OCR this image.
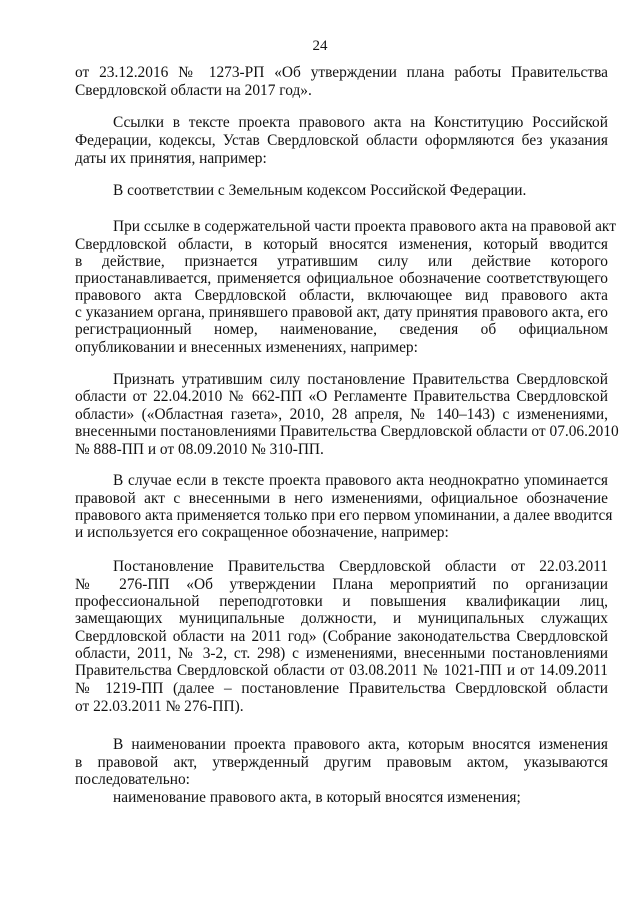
24
от 23.12.2016 № 1273-РП «Об утверждении плана работы Правительства
Свердловской области на 2017 год».
Ссылки в тексте проекта правового акта на Конституцию Российской
Федерации, кодексы, Устав Свердловской области оформляются без указания
даты их принятия, например:
В соответствии с Земельным кодексом Российской Федерации.
При ссылке в содержательной части проекта правового акта на правовой акт
Свердловской области, в который вносятся изменения, который вводится
в действие, признается утратившим силу или действие которого
приостанавливается, применяется официальное обозначение соответствующего
правового акта Свердловской области, включающее вид правового акта
с указанием органа, принявшего правовой акт, дату принятия правового акта, его
регистрационный номер, наименование, сведения об официальном
опубликовании и внесенных изменениях, например:
Признать утратившим силу постановление Правительства Свердловской
области от 22.04.2010 № 662-ПП «О Регламенте Правительства Свердловской
области» («Областная газета», 2010, 28 апреля, № 140–143) с изменениями,
внесенными постановлениями Правительства Свердловской области от 07.06.2010
№ 888-ПП и от 08.09.2010 № 310-ПП.
В случае если в тексте проекта правового акта неоднократно упоминается
правовой акт с внесенными в него изменениями, официальное обозначение
правового акта применяется только при его первом упоминании, а далее вводится
и используется его сокращенное обозначение, например:
Постановление Правительства Свердловской области от 22.03.2011
№ 276-ПП «Об утверждении Плана мероприятий по организации
профессиональной переподготовки и повышения квалификации лиц,
замещающих муниципальные должности, и муниципальных служащих
Свердловской области на 2011 год» (Собрание законодательства Свердловской
области, 2011, № 3-2, ст. 298) с изменениями, внесенными постановлениями
Правительства Свердловской области от 03.08.2011 № 1021-ПП и от 14.09.2011
№ 1219-ПП (далее – постановление Правительства Свердловской области
от 22.03.2011 № 276-ПП).
В наименовании проекта правового акта, которым вносятся изменения
в правовой акт, утвержденный другим правовым актом, указываются
последовательно:
наименование правового акта, в который вносятся изменения;
